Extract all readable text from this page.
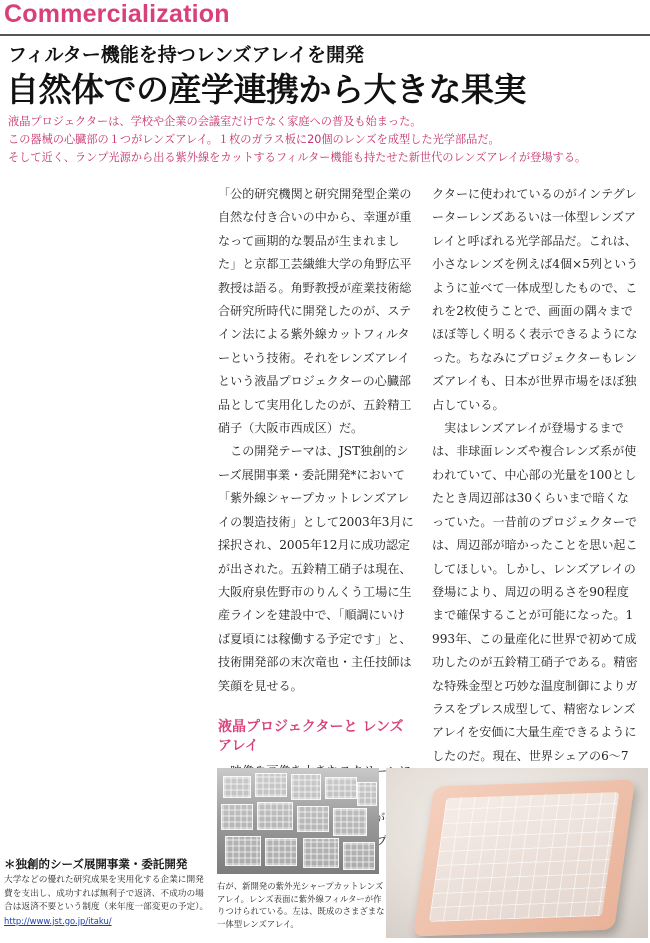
Commercialization
フィルター機能を持つレンズアレイを開発
自然体での産学連携から大きな果実
液晶プロジェクターは、学校や企業の会議室だけでなく家庭への普及も始まった。
この器械の心臓部の１つがレンズアレイ。１枚のガラス板に20個のレンズを成型した光学部品だ。
そして近く、ランプ光源から出る紫外線をカットするフィルター機能も持たせた新世代のレンズアレイが登場する。

「公的研究機関と研究開発型企業の自然な付き合いの中から、幸運が重なって画期的な製品が生まれました」と京都工芸繊維大学の角野広平教授は語る。角野教授が産業技術総合研究所時代に開発したのが、ステイン法による紫外線カットフィルターという技術。それをレンズアレイという液晶プロジェクターの心臓部品として実用化したのが、五鈴精工硝子（大阪市西成区）だ。

この開発テーマは、JST独創的シーズ展開事業・委託開発*において「紫外線シャープカットレンズアレイの製造技術」として2003年3月に採択され、2005年12月に成功認定が出された。五鈴精工硝子は現在、大阪府泉佐野市のりんくう工場に生産ラインを建設中で、「順調にいけば夏頃には稼働する予定です」と、技術開発部の末次竜也・主任技師は笑顔を見せる。

液晶プロジェクターと レンズアレイ

クターに使われているのがインテグレーターレンズあるいは一体型レンズアレイと呼ばれる光学部品だ。これは、小さなレンズを例えば4個×5列というように並べて一体成型したもので、これを2枚使うことで、画面の隅々までほぼ等しく明るく表示できるようになった。ちなみにプロジェクターもレンズアレイも、日本が世界市場をほぼ独占している。

実はレンズアレイが登場するまでは、非球面レンズや複合レンズ系が使われていて、中心部の光量を100としたとき周辺部は30くらいまで暗くなっていた。一昔前のプロジェクターでは、周辺部が暗かったことを思い起こしてほしい。しかし、レンズアレイの登場により、周辺の明るさを90程度まで確保することが可能になった。1993年、この量産化に世界で初めて成功したのが五鈴精工硝子である。精密な特殊金型と巧妙な温度制御によりガラスをプレス成型して、精密なレンズアレイを安価に大量生産できるようにしたのだ。現在、世界シェアの6～7

右が、新開発の紫外光シャープカットレンズアレイ。レンズ表面に紫外線フィルターが作りつけられている。左は、既成のさまざまな一体型レンズアレイ。
＊独創的シーズ展開事業・委託開発
大学などの優れた研究成果を実用化する企業に開発費を支出し、成功すれば無利子で返済、不成功の場合は返済不要という制度（来年度一部変更の予定）。
http://www.jst.go.jp/itaku/
